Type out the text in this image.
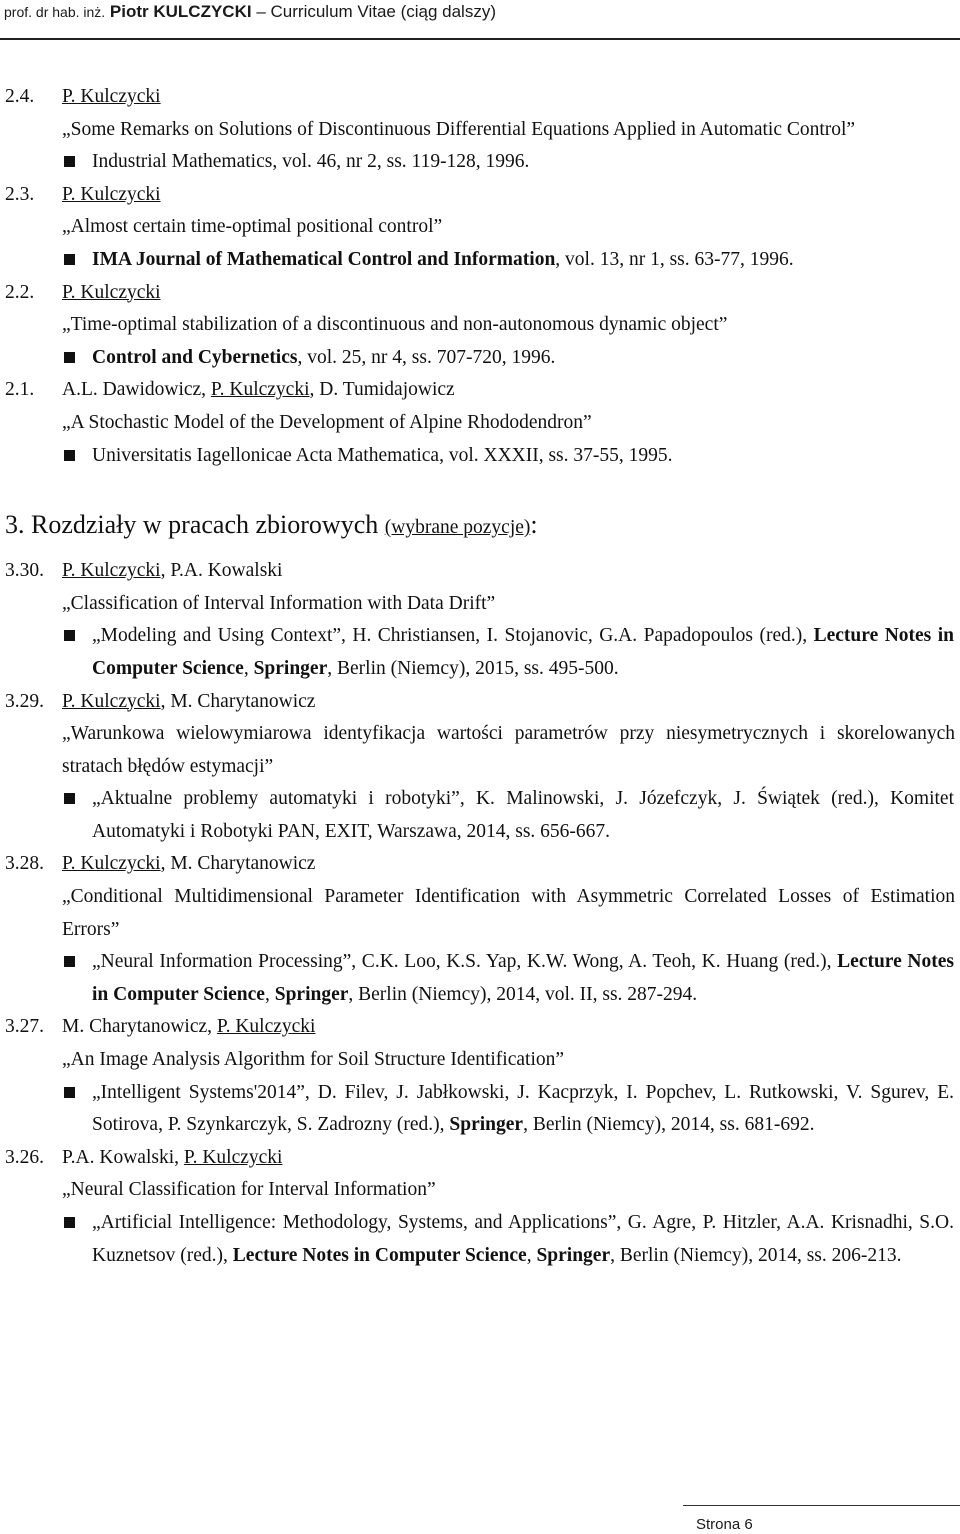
prof. dr hab. inż. Piotr KULCZYCKI – Curriculum Vitae (ciąg dalszy)
2.4.	P. Kulczycki
„Some Remarks on Solutions of Discontinuous Differential Equations Applied in Automatic Control”
Industrial Mathematics, vol. 46, nr 2, ss. 119-128, 1996.
2.3.	P. Kulczycki
„Almost certain time-optimal positional control”
IMA Journal of Mathematical Control and Information, vol. 13, nr 1, ss. 63-77, 1996.
2.2.	P. Kulczycki
„Time-optimal stabilization of a discontinuous and non-autonomous dynamic object”
Control and Cybernetics, vol. 25, nr 4, ss. 707-720, 1996.
2.1.	A.L. Dawidowicz, P. Kulczycki, D. Tumidajowicz
„A Stochastic Model of the Development of Alpine Rhododendron”
Universitatis Iagellonicae Acta Mathematica, vol. XXXII, ss. 37-55, 1995.
3. Rozdziały w pracach zbiorowych (wybrane pozycje):
3.30. P. Kulczycki, P.A. Kowalski
„Classification of Interval Information with Data Drift”
„Modeling and Using Context”, H. Christiansen, I. Stojanovic, G.A. Papadopoulos (red.), Lecture Notes in Computer Science, Springer, Berlin (Niemcy), 2015, ss. 495-500.
3.29. P. Kulczycki, M. Charytanowicz
„Warunkowa wielowymiarowa identyfikacja wartości parametrów przy niesymetrycznych i skorelowanych stratach błędów estymacji”
„Aktualne problemy automatyki i robotyki”, K. Malinowski, J. Józefczyk, J. Świątek (red.), Komitet Automatyki i Robotyki PAN, EXIT, Warszawa, 2014, ss. 656-667.
3.28. P. Kulczycki, M. Charytanowicz
„Conditional Multidimensional Parameter Identification with Asymmetric Correlated Losses of Estimation Errors”
„Neural Information Processing”, C.K. Loo, K.S. Yap, K.W. Wong, A. Teoh, K. Huang (red.), Lecture Notes in Computer Science, Springer, Berlin (Niemcy), 2014, vol. II, ss. 287-294.
3.27. M. Charytanowicz, P. Kulczycki
„An Image Analysis Algorithm for Soil Structure Identification”
„Intelligent Systems'2014”, D. Filev, J. Jabłkowski, J. Kacprzyk, I. Popchev, L. Rutkowski, V. Sgurev, E. Sotirova, P. Szynkarczyk, S. Zadrozny (red.), Springer, Berlin (Niemcy), 2014, ss. 681-692.
3.26. P.A. Kowalski, P. Kulczycki
„Neural Classification for Interval Information”
„Artificial Intelligence: Methodology, Systems, and Applications”, G. Agre, P. Hitzler, A.A. Krisnadhi, S.O. Kuznetsov (red.), Lecture Notes in Computer Science, Springer, Berlin (Niemcy), 2014, ss. 206-213.
Strona 6
